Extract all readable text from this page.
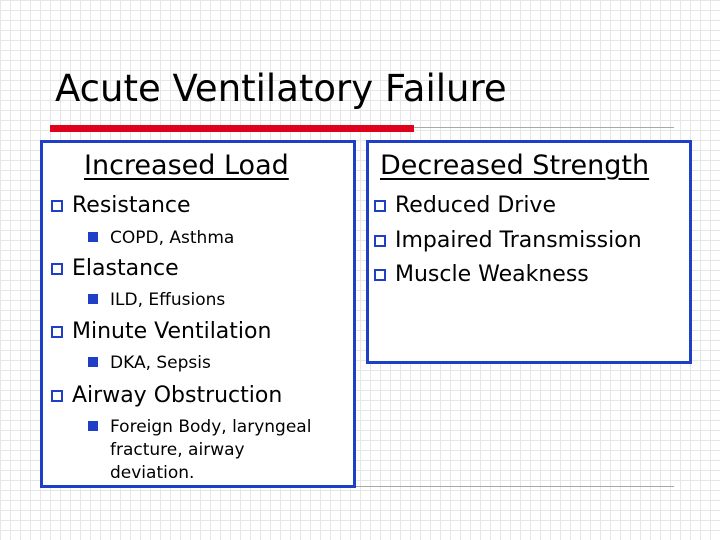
Acute Ventilatory Failure
Increased Load
Resistance
COPD, Asthma
Elastance
ILD, Effusions
Minute Ventilation
DKA, Sepsis
Airway Obstruction
Foreign Body, laryngeal
fracture, airway
deviation.
Decreased Strength
Reduced Drive
Impaired Transmission
Muscle Weakness
